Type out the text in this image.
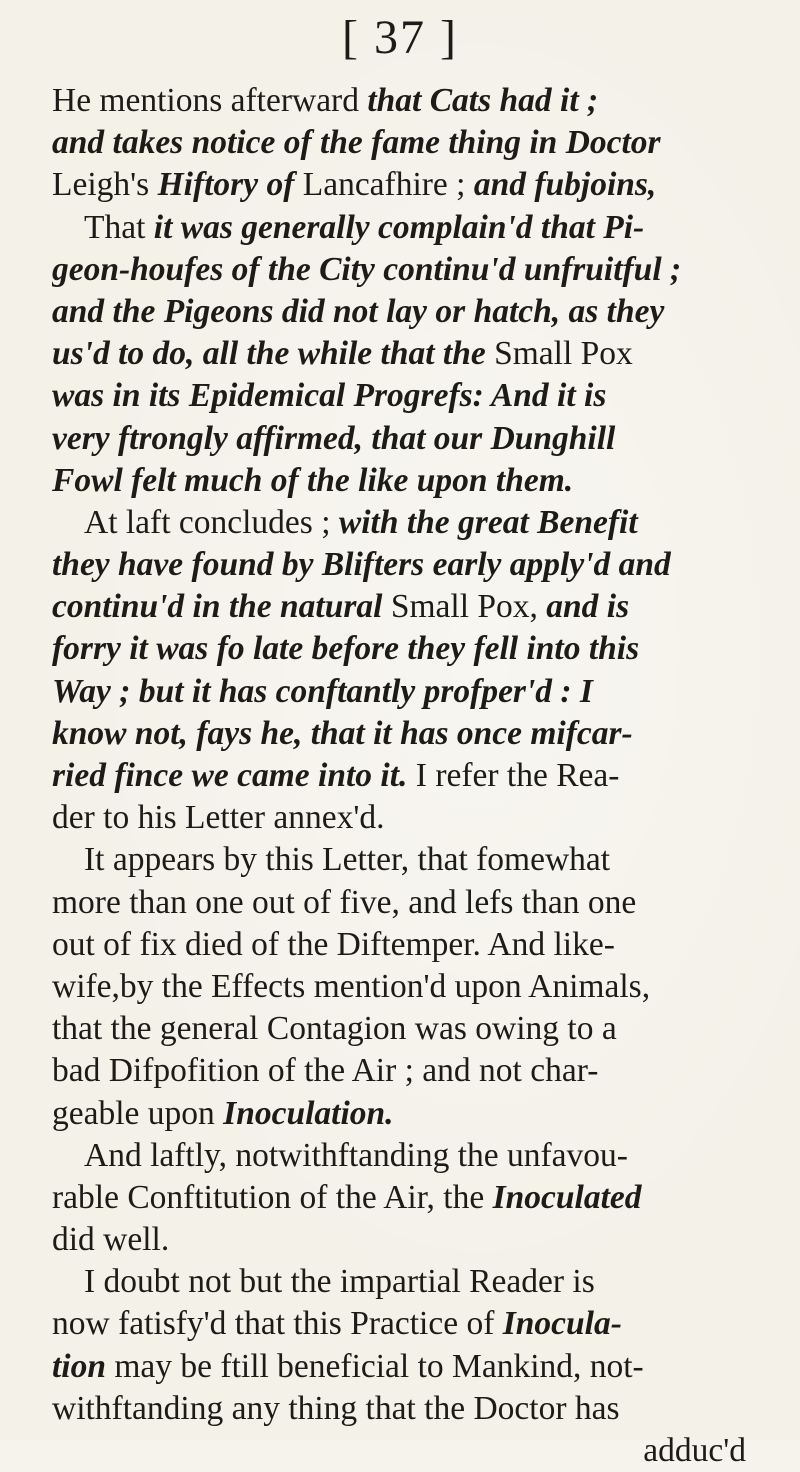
[ 37 ]
He mentions afterward that Cats had it ;
and takes notice of the fame thing in Doctor
Leigh's Hiftory of Lancafhire ; and fubjoins,
That it was generally complain'd that Pi-
geon-houfes of the City continu'd unfruitful ;
and the Pigeons did not lay or hatch, as they
us'd to do, all the while that the Small Pox
was in its Epidemical Progrefs: And it is
very ftrongly affirmed, that our Dunghill
Fowl felt much of the like upon them.
At laft concludes ; with the great Benefit
they have found by Blifters early apply'd and
continu'd in the natural Small Pox, and is
forry it was fo late before they fell into this
Way ; but it has conftantly profper'd : I
know not, fays he, that it has once mifcar-
ried fince we came into it. I refer the Rea-
der to his Letter annex'd.
It appears by this Letter, that fomewhat
more than one out of five, and lefs than one
out of fix died of the Diftemper. And like-
wife,by the Effects mention'd upon Animals,
that the general Contagion was owing to a
bad Difpofition of the Air ; and not char-
geable upon Inoculation.
And laftly, notwithftanding the unfavou-
rable Conftitution of the Air, the Inoculated
did well.
I doubt not but the impartial Reader is
now fatisfy'd that this Practice of Inocula-
tion may be ftill beneficial to Mankind, not-
withftanding any thing that the Doctor has
adduc'd
